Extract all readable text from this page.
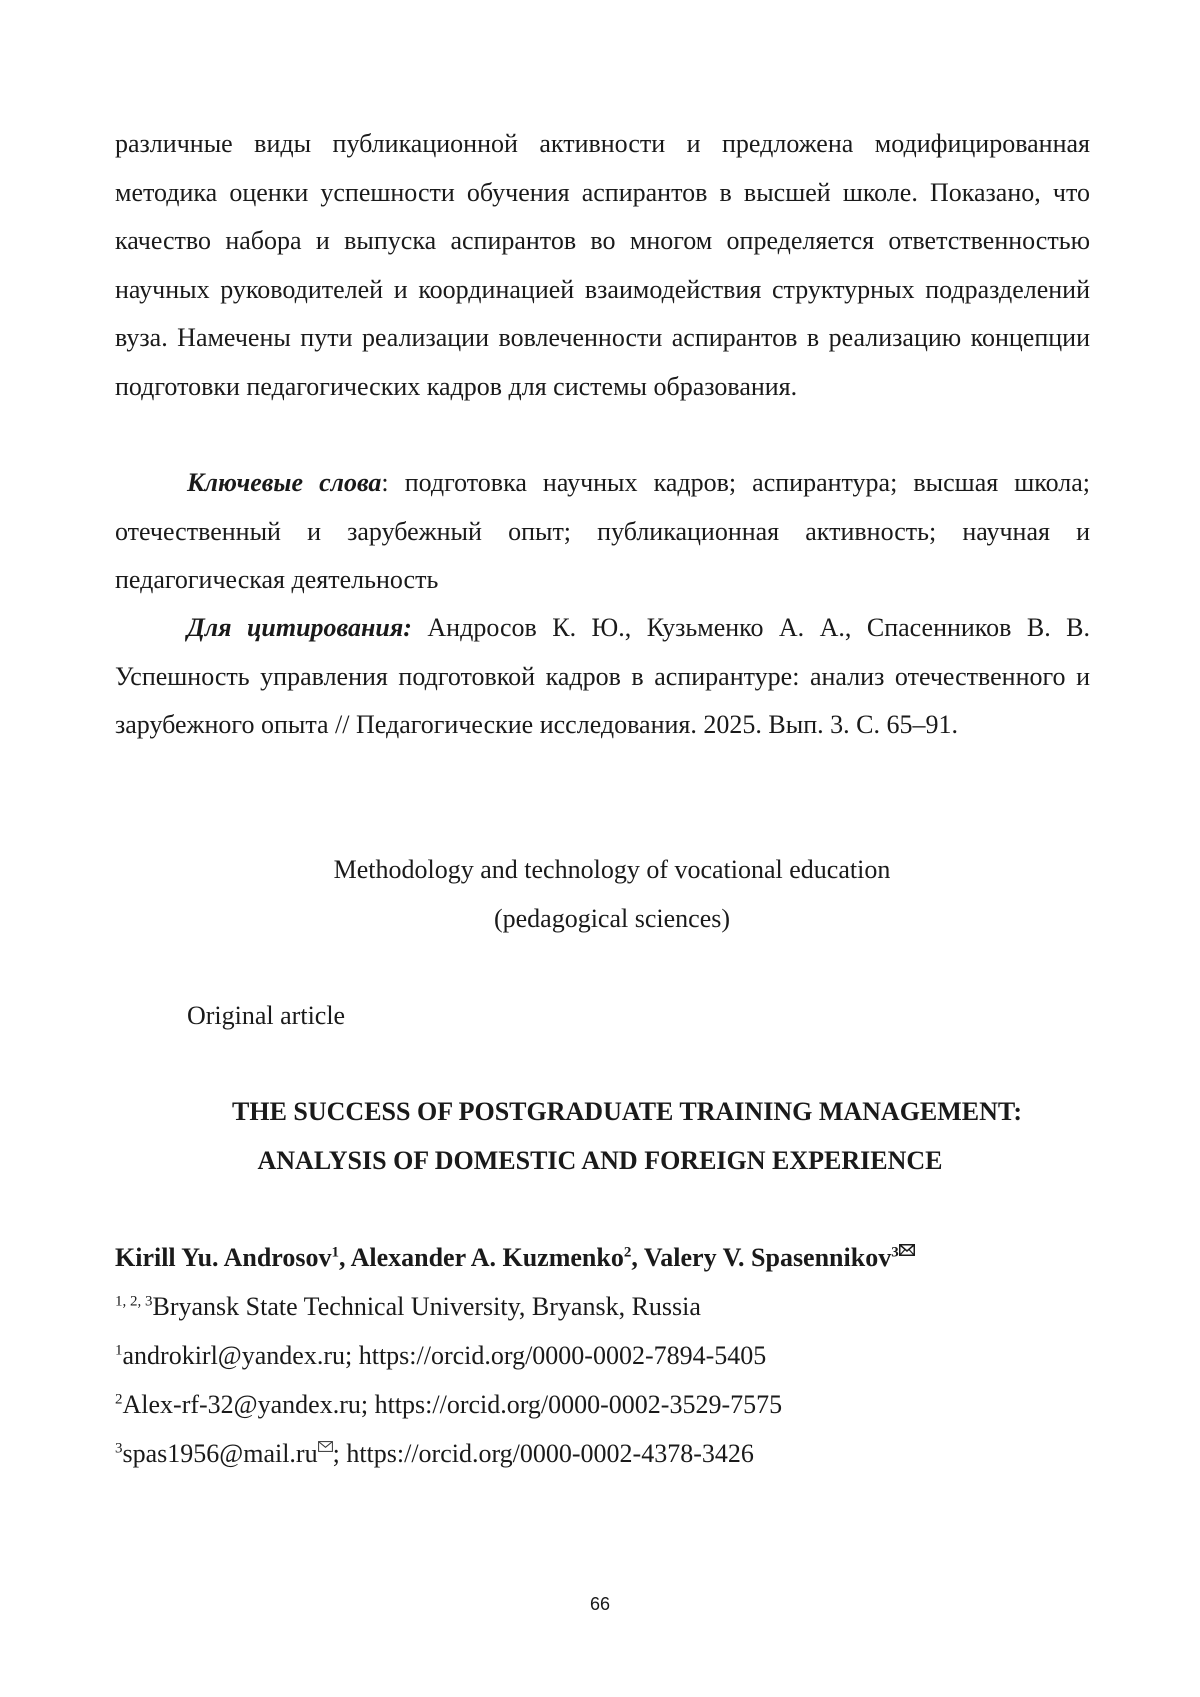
различные виды публикационной активности и предложена модифицированная методика оценки успешности обучения аспирантов в высшей школе. Показано, что качество набора и выпуска аспирантов во многом определяется ответственностью научных руководителей и координацией взаимодействия структурных подразделений вуза. Намечены пути реализации вовлеченности аспирантов в реализацию концепции подготовки педагогических кадров для системы образования.

Ключевые слова: подготовка научных кадров; аспирантура; высшая школа; отечественный и зарубежный опыт; публикационная активность; научная и педагогическая деятельность

Для цитирования: Андросов К. Ю., Кузьменко А. А., Спасенников В. В. Успешность управления подготовкой кадров в аспирантуре: анализ отечественного и зарубежного опыта // Педагогические исследования. 2025. Вып. 3. С. 65–91.

Methodology and technology of vocational education

(pedagogical sciences)

Original article

THE SUCCESS OF POSTGRADUATE TRAINING MANAGEMENT:

ANALYSIS OF DOMESTIC AND FOREIGN EXPERIENCE

Kirill Yu. Androsov$^1$, Alexander A. Kuzmenko$^2$, Valery V. Spasennikov$^3$

$^{1, 2, 3}$Bryansk State Technical University, Bryansk, Russia

$^1$androkirl@yandex.ru; https://orcid.org/0000-0002-7894-5405

$^2$Alex-rf-32@yandex.ru; https://orcid.org/0000-0002-3529-7575

$^3$spas1956@mail.ru ; https://orcid.org/0000-0002-4378-3426

66
